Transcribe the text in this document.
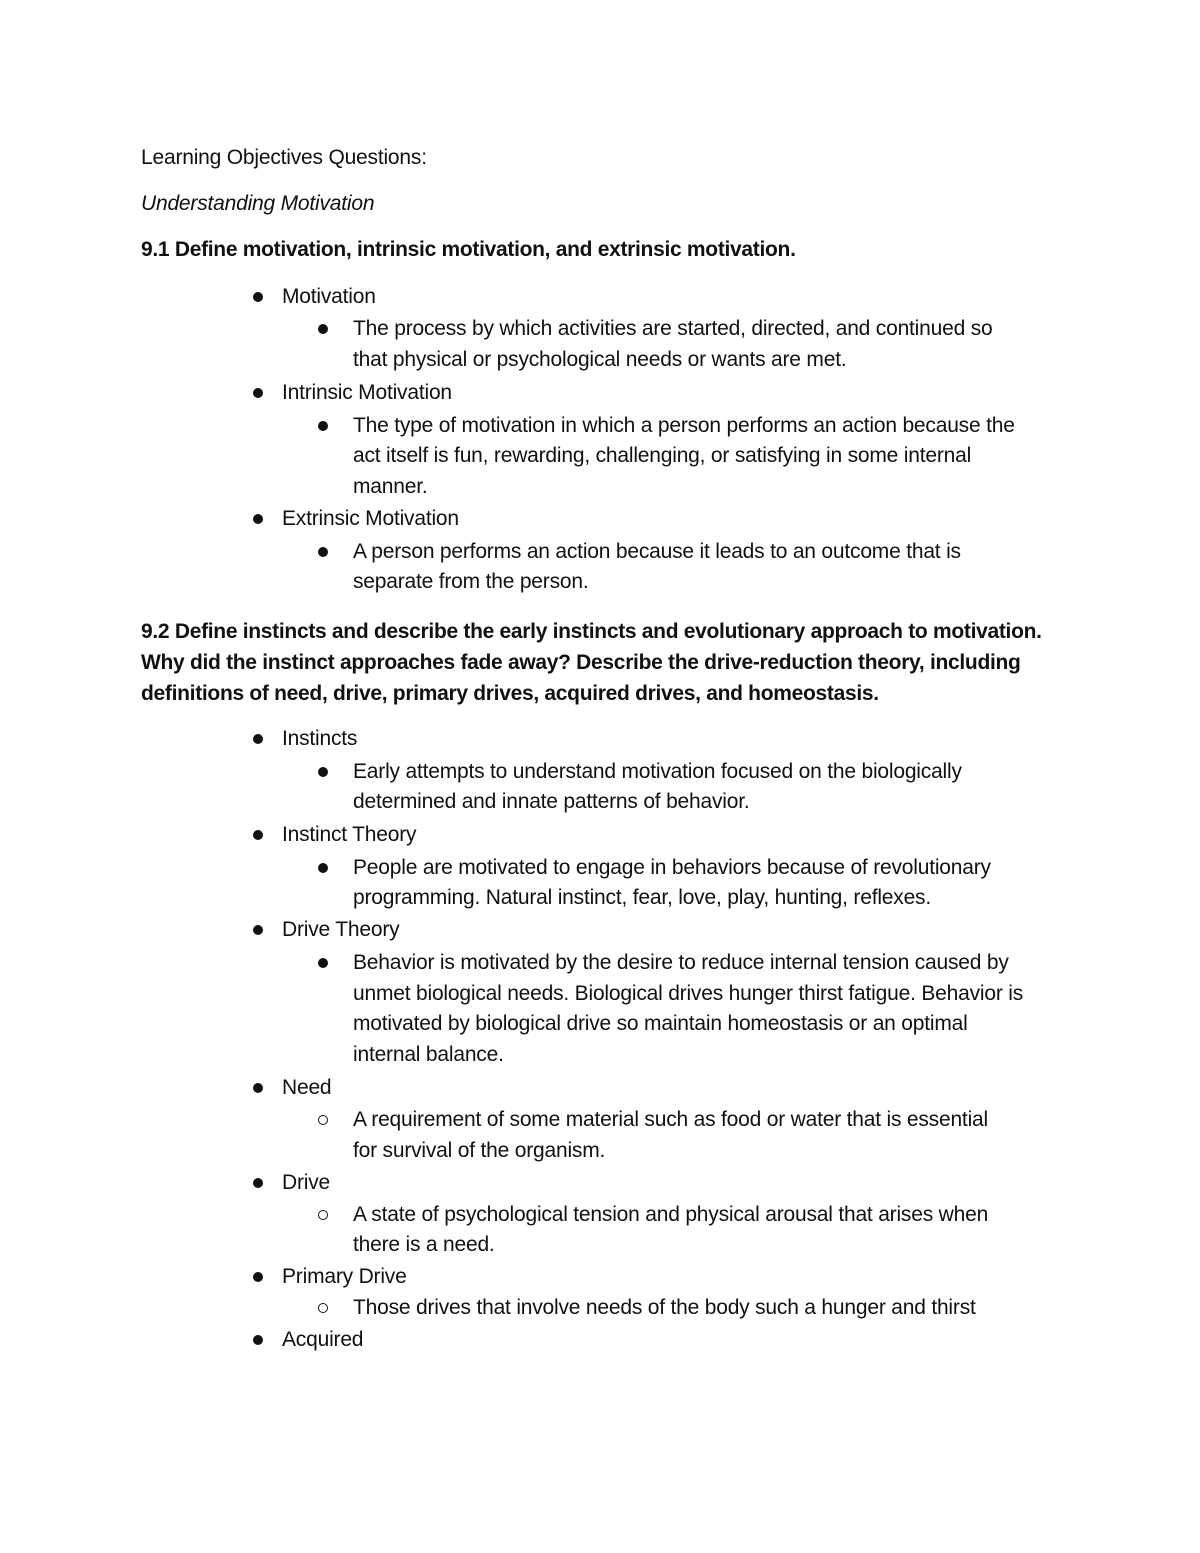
Learning Objectives Questions:
Understanding Motivation
9.1 Define motivation, intrinsic motivation, and extrinsic motivation.
Motivation
The process by which activities are started, directed, and continued so
that physical or psychological needs or wants are met.
Intrinsic Motivation
The type of motivation in which a person performs an action because the
act itself is fun, rewarding, challenging, or satisfying in some internal
manner.
Extrinsic Motivation
A person performs an action because it leads to an outcome that is
separate from the person.
9.2 Define instincts and describe the early instincts and evolutionary approach to motivation.
Why did the instinct approaches fade away? Describe the drive-reduction theory, including
definitions of need, drive, primary drives, acquired drives, and homeostasis.
Instincts
Early attempts to understand motivation focused on the biologically
determined and innate patterns of behavior.
Instinct Theory
People are motivated to engage in behaviors because of revolutionary
programming. Natural instinct, fear, love, play, hunting, reflexes.
Drive Theory
Behavior is motivated by the desire to reduce internal tension caused by
unmet biological needs. Biological drives hunger thirst fatigue. Behavior is
motivated by biological drive so maintain homeostasis or an optimal
internal balance.
Need
A requirement of some material such as food or water that is essential
for survival of the organism.
Drive
A state of psychological tension and physical arousal that arises when
there is a need.
Primary Drive
Those drives that involve needs of the body such a hunger and thirst
Acquired
